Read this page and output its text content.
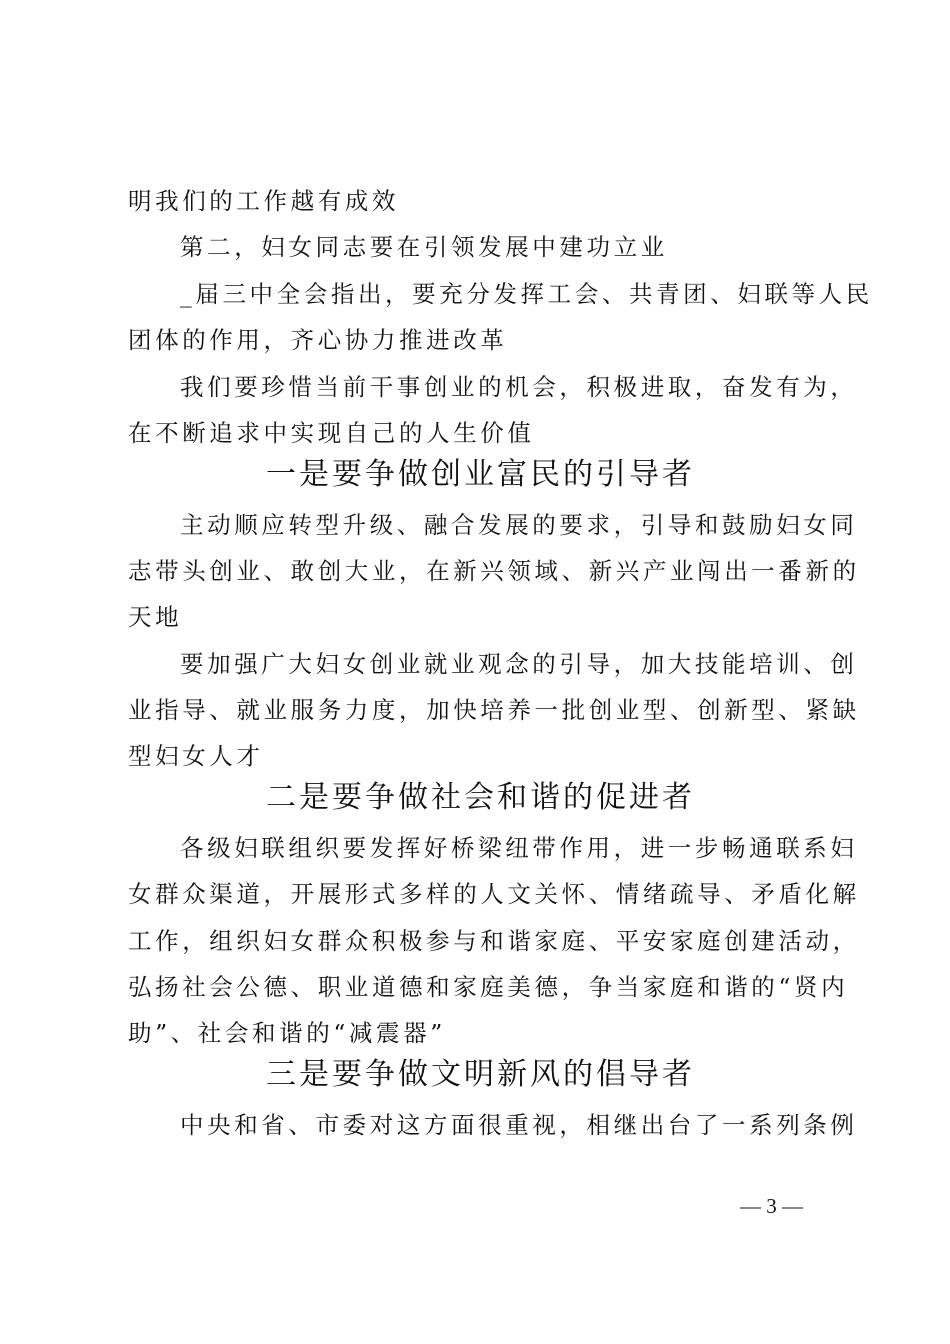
明我们的工作越有成效
第二，妇女同志要在引领发展中建功立业
_届三中全会指出，要充分发挥工会、共青团、妇联等人民
团体的作用，齐心协力推进改革
我们要珍惜当前干事创业的机会，积极进取，奋发有为，
在不断追求中实现自己的人生价值
一是要争做创业富民的引导者
主动顺应转型升级、融合发展的要求，引导和鼓励妇女同
志带头创业、敢创大业，在新兴领域、新兴产业闯出一番新的
天地
要加强广大妇女创业就业观念的引导，加大技能培训、创
业指导、就业服务力度，加快培养一批创业型、创新型、紧缺
型妇女人才
二是要争做社会和谐的促进者
各级妇联组织要发挥好桥梁纽带作用，进一步畅通联系妇
女群众渠道，开展形式多样的人文关怀、情绪疏导、矛盾化解
工作，组织妇女群众积极参与和谐家庭、平安家庭创建活动，
弘扬社会公德、职业道德和家庭美德，争当家庭和谐的“贤内
助”、社会和谐的“减震器”
三是要争做文明新风的倡导者
中央和省、市委对这方面很重视，相继出台了一系列条例
— 3 —
